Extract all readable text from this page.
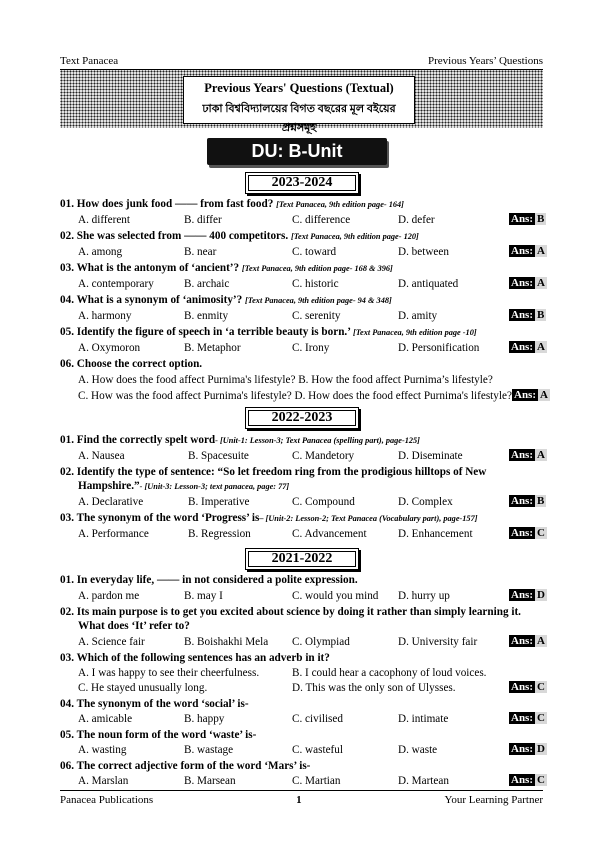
Text Panacea	Previous Years’ Questions
Previous Years' Questions (Textual)
ঢাকা বিশ্ববিদ্যালয়ের বিগত বছরের মূল বইয়ের প্রশ্নসমূহ
DU: B-Unit
2023-2024
01. How does junk food —— from fast food? [Text Panacea, 9th edition page- 164]
A. different	B. differ	C. difference	D. defer	Ans: B
02. She was selected from —— 400 competitors. [Text Panacea, 9th edition page- 120]
A. among	B. near	C. toward	D. between	Ans: A
03. What is the antonym of ‘ancient’? [Text Panacea, 9th edition page- 168 & 396]
A. contemporary	B. archaic	C. historic	D. antiquated	Ans: A
04. What is a synonym of ‘animosity’? [Text Panacea, 9th edition page- 94 & 348]
A. harmony	B. enmity	C. serenity	D. amity	Ans: B
05. Identify the figure of speech in ‘a terrible beauty is born.’ [Text Panacea, 9th edition page -10]
A. Oxymoron	B. Metaphor	C. Irony	D. Personification	Ans: A
06. Choose the correct option.
A. How does the food affect Purnima's lifestyle? B. How the food affect Purnima’s lifestyle?
C. How was the food affect Purnima's lifestyle? D. How does the food effect Purnima's lifestyle? Ans: A
2022-2023
01. Find the correctly spelt word- [Unit-1: Lesson-3; Text Panacea (spelling part), page-125]
A. Nausea	B. Spacesuite	C. Mandetory	D. Diseminate	Ans: A
02. Identify the type of sentence: “So let freedom ring from the prodigious hilltops of New
Hampshire.”- [Unit-3: Lesson-3; text panacea, page: 77]
A. Declarative	B. Imperative	C. Compound	D. Complex	Ans: B
03. The synonym of the word ‘Progress’ is– [Unit-2: Lesson-2; Text Panacea (Vocabulary part), page-157]
A. Performance	B. Regression	C. Advancement	D. Enhancement	Ans: C
2021-2022
01. In everyday life, —— in not considered a polite expression.
A. pardon me	B. may I	C. would you mind D. hurry up	Ans: D
02. Its main purpose is to get you excited about science by doing it rather than simply learning it.
What does ‘It’ refer to?
A. Science fair	B. Boishakhi Mela C. Olympiad	D. University fair	Ans: A
03. Which of the following sentences has an adverb in it?
A. I was happy to see their cheerfulness.	B. I could hear a cacophony of loud voices.
C. He stayed unusually long.	D. This was the only son of Ulysses.	Ans: C
04. The synonym of the word ‘social’ is-
A. amicable	B. happy	C. civilised	D. intimate	Ans: C
05. The noun form of the word ‘waste’ is-
A. wasting	B. wastage	C. wasteful	D. waste	Ans: D
06. The correct adjective form of the word ‘Mars’ is-
A. Marslan	B. Marsean	C. Martian	D. Martean	Ans: C
Panacea Publications	1	Your Learning Partner
